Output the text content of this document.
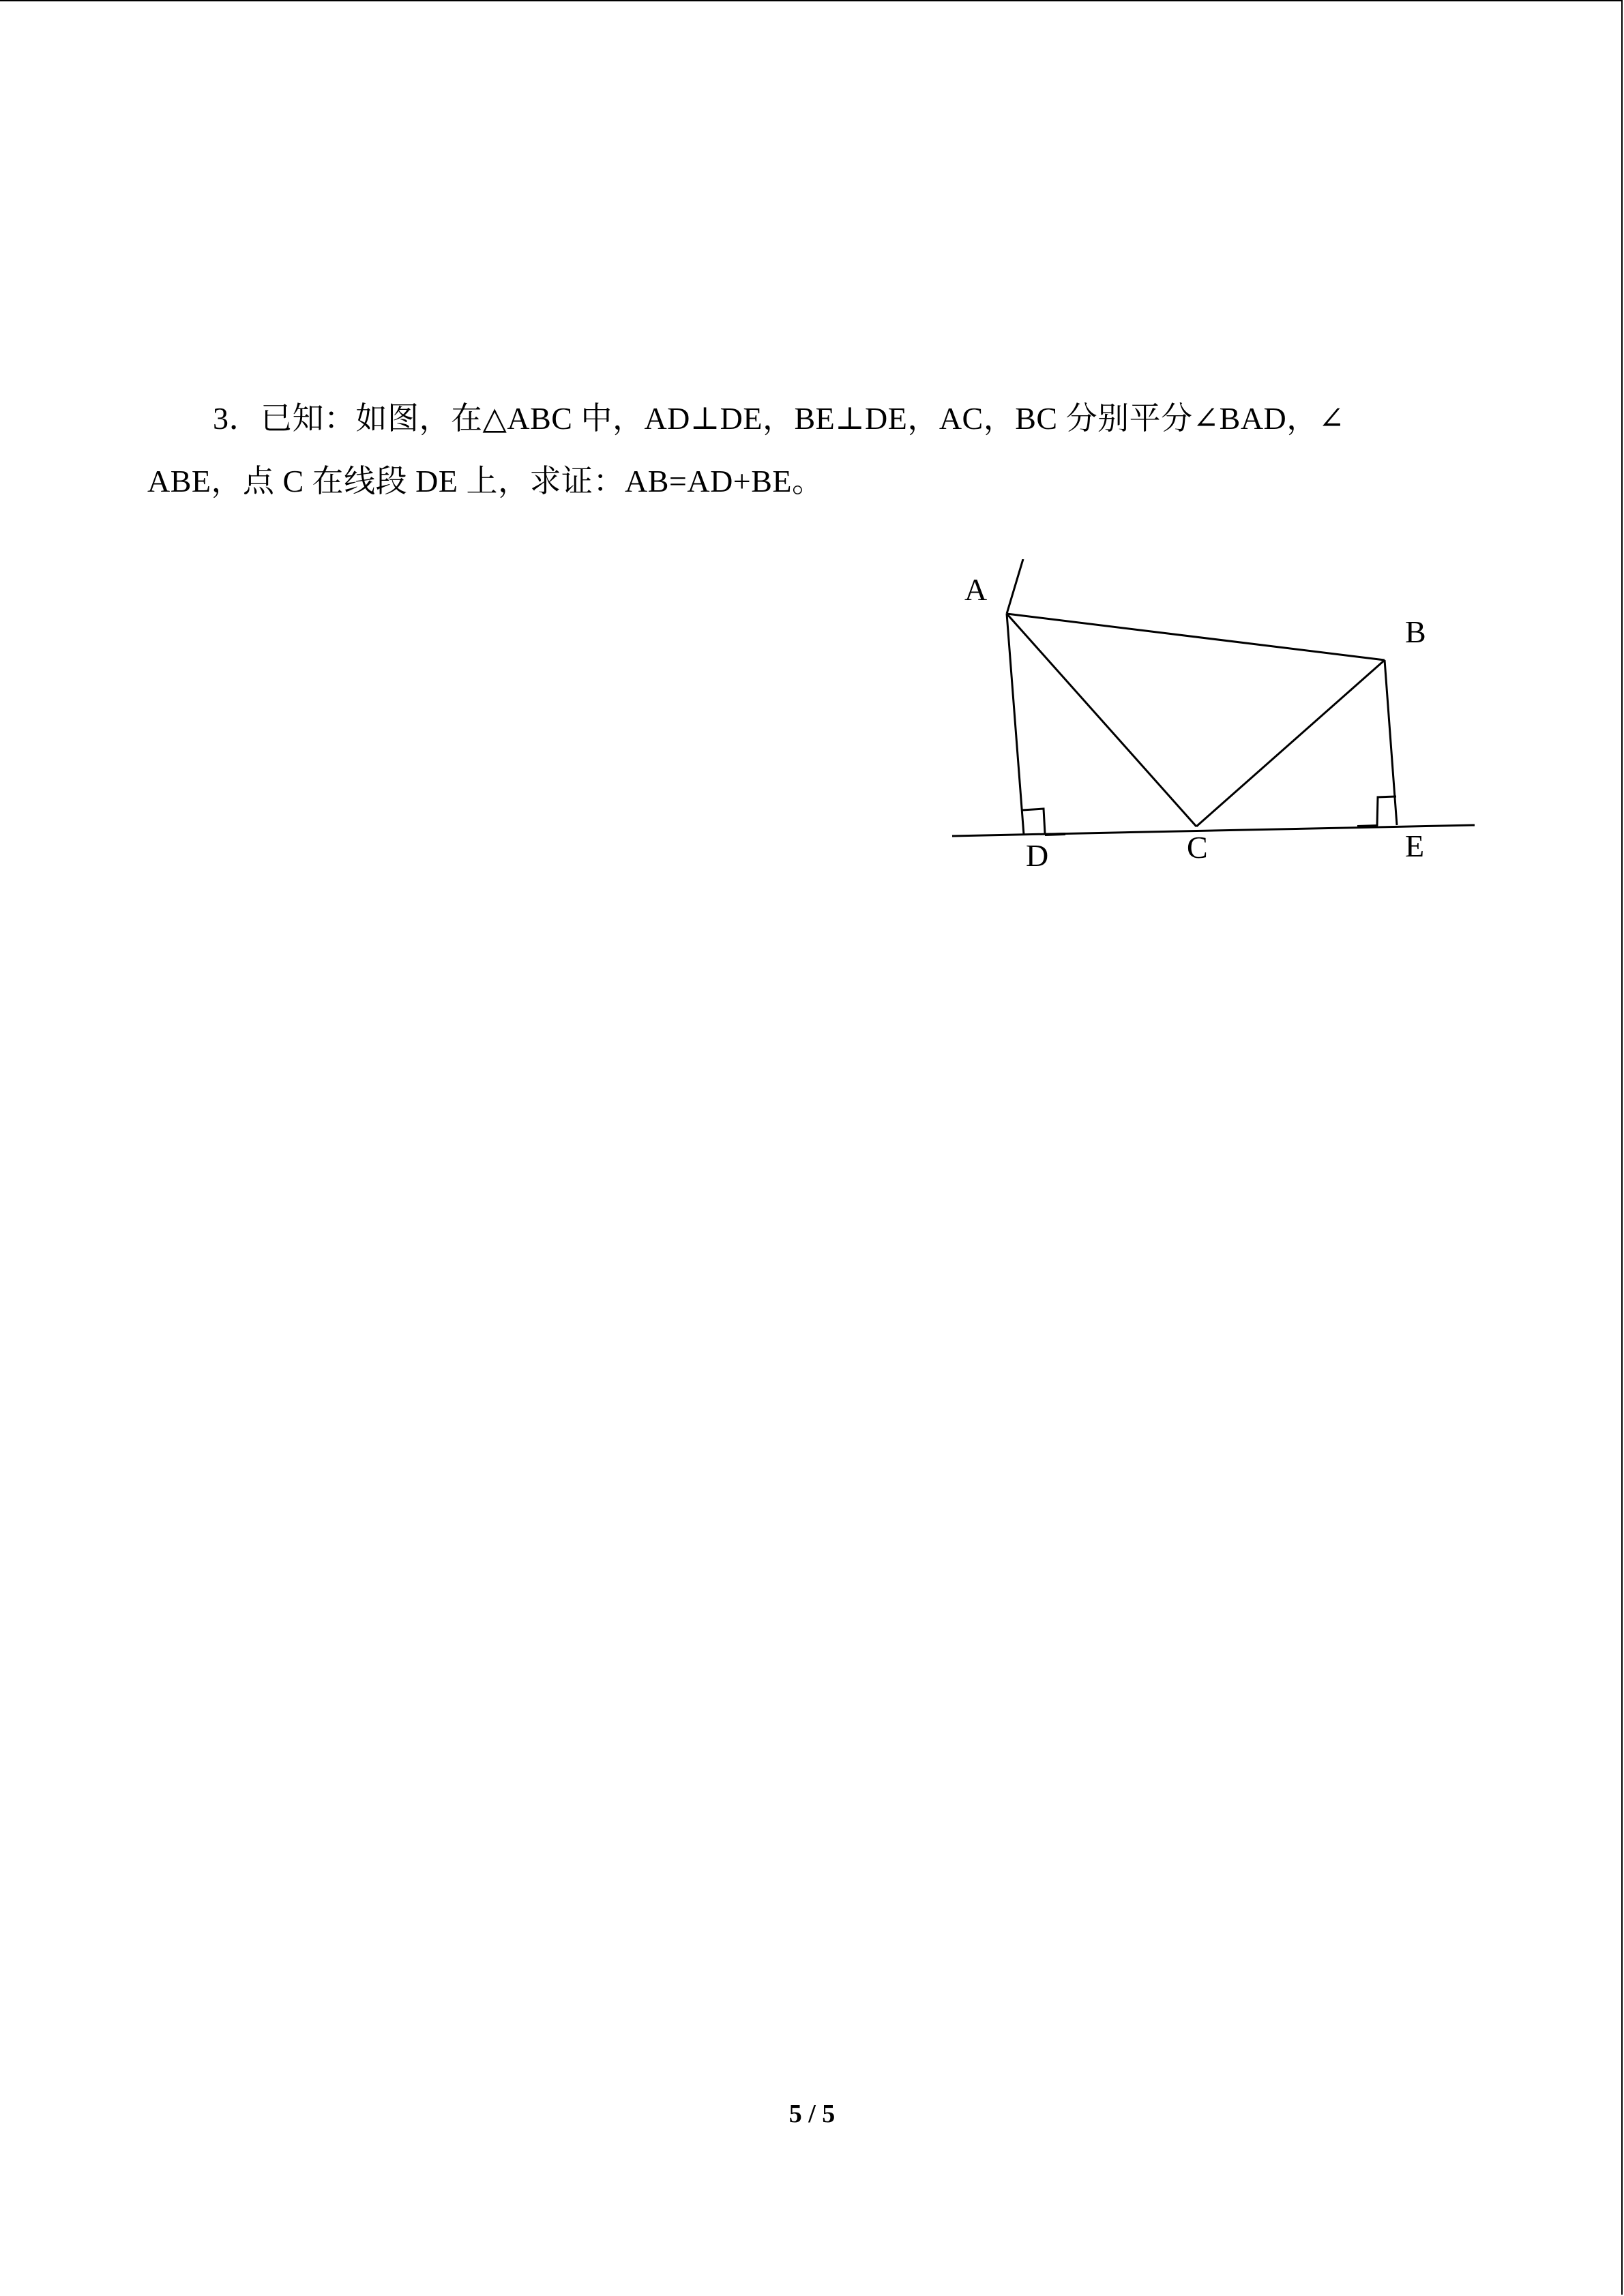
3．已知：如图，在△ABC 中，AD⊥DE，BE⊥DE，AC，BC 分别平分∠BAD，∠
ABE，点 C 在线段 DE 上，求证：AB=AD+BE。
A
B
C
D	E
5 / 5
